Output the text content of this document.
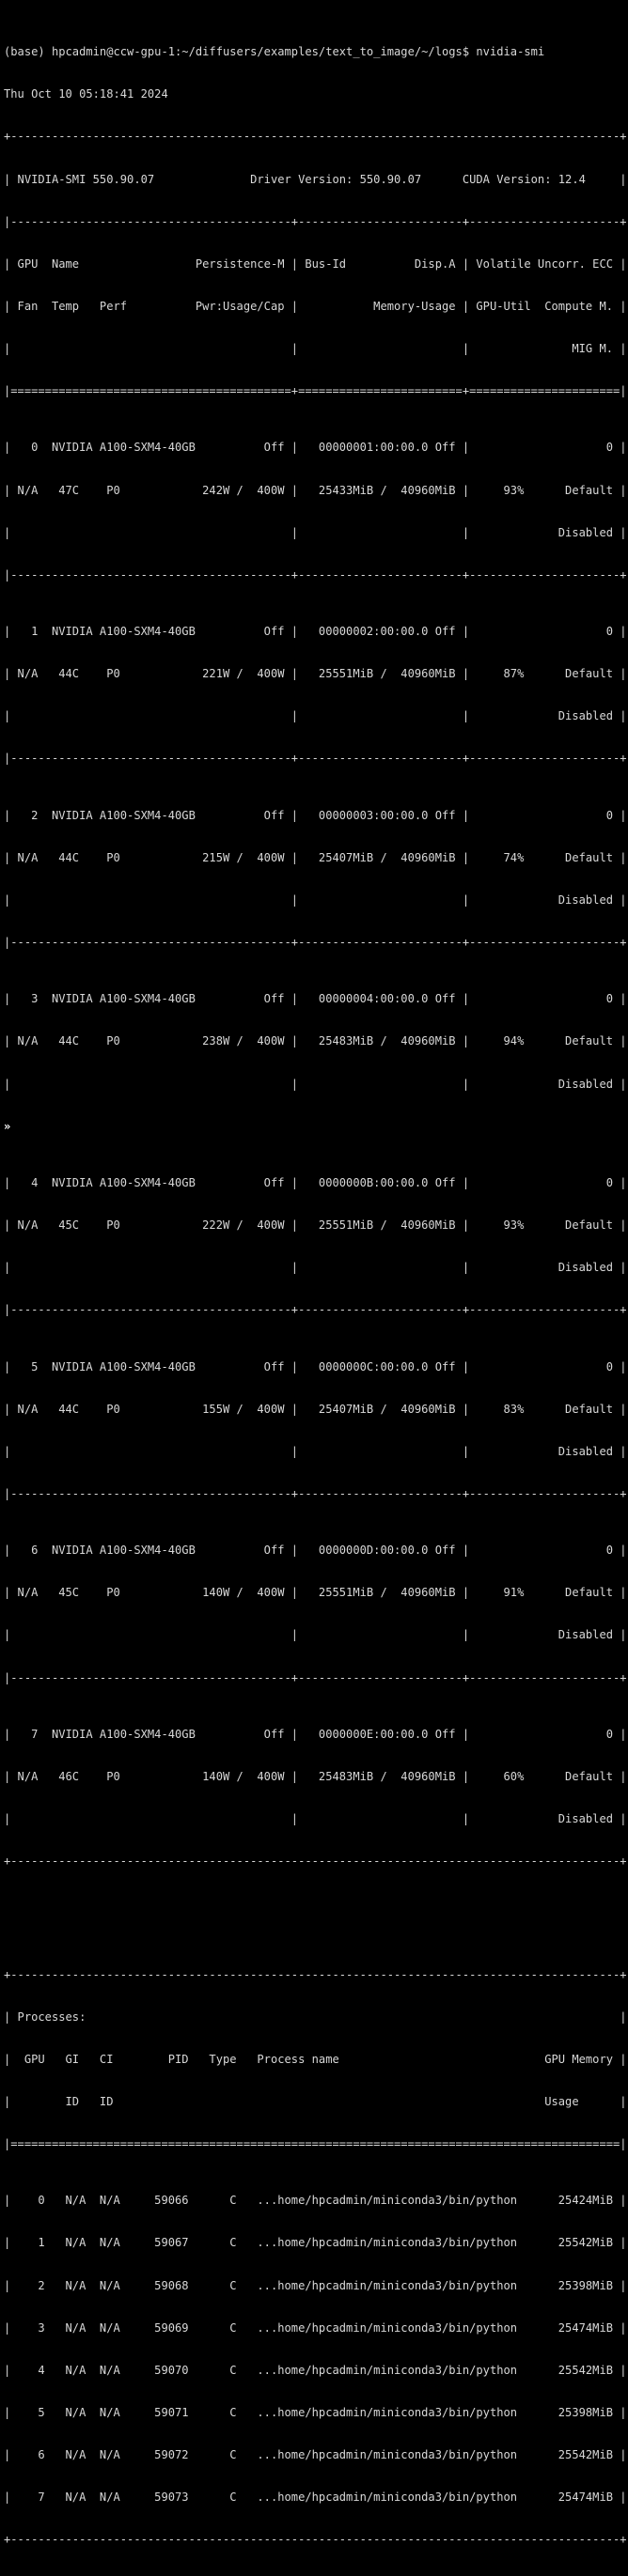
(base) hpcadmin@ccw-gpu-1:~/diffusers/examples/text_to_image/~/logs$ nvidia-smi

Thu Oct 10 05:18:41 2024

+-----------------------------------------------------------------------------------------+

| NVIDIA-SMI 550.90.07              Driver Version: 550.90.07      CUDA Version: 12.4     |

|-----------------------------------------+------------------------+----------------------+

| GPU  Name                 Persistence-M | Bus-Id          Disp.A | Volatile Uncorr. ECC |

| Fan  Temp   Perf          Pwr:Usage/Cap |           Memory-Usage | GPU-Util  Compute M. |

|                                         |                        |               MIG M. |

|=========================================+========================+======================|

|   0  NVIDIA A100-SXM4-40GB          Off |   00000001:00:00.0 Off |                    0 |

| N/A   47C    P0            242W /  400W |   25433MiB /  40960MiB |     93%      Default |

|                                         |                        |             Disabled |

|-----------------------------------------+------------------------+----------------------+

|   1  NVIDIA A100-SXM4-40GB          Off |   00000002:00:00.0 Off |                    0 |

| N/A   44C    P0            221W /  400W |   25551MiB /  40960MiB |     87%      Default |

|                                         |                        |             Disabled |

|-----------------------------------------+------------------------+----------------------+

|   2  NVIDIA A100-SXM4-40GB          Off |   00000003:00:00.0 Off |                    0 |

| N/A   44C    P0            215W /  400W |   25407MiB /  40960MiB |     74%      Default |

|                                         |                        |             Disabled |

|-----------------------------------------+------------------------+----------------------+

|   3  NVIDIA A100-SXM4-40GB          Off |   00000004:00:00.0 Off |                    0 |

| N/A   44C    P0            238W /  400W |   25483MiB /  40960MiB |     94%      Default |

|                                         |                        |             Disabled |

»

|   4  NVIDIA A100-SXM4-40GB          Off |   0000000B:00:00.0 Off |                    0 |

| N/A   45C    P0            222W /  400W |   25551MiB /  40960MiB |     93%      Default |

|                                         |                        |             Disabled |

|-----------------------------------------+------------------------+----------------------+

|   5  NVIDIA A100-SXM4-40GB          Off |   0000000C:00:00.0 Off |                    0 |

| N/A   44C    P0            155W /  400W |   25407MiB /  40960MiB |     83%      Default |

|                                         |                        |             Disabled |

|-----------------------------------------+------------------------+----------------------+

|   6  NVIDIA A100-SXM4-40GB          Off |   0000000D:00:00.0 Off |                    0 |

| N/A   45C    P0            140W /  400W |   25551MiB /  40960MiB |     91%      Default |

|                                         |                        |             Disabled |

|-----------------------------------------+------------------------+----------------------+

|   7  NVIDIA A100-SXM4-40GB          Off |   0000000E:00:00.0 Off |                    0 |

| N/A   46C    P0            140W /  400W |   25483MiB /  40960MiB |     60%      Default |

|                                         |                        |             Disabled |

+-----------------------------------------------------------------------------------------+

+-----------------------------------------------------------------------------------------+

| Processes:                                                                              |

|  GPU   GI   CI        PID   Type   Process name                              GPU Memory |

|        ID   ID                                                               Usage      |

|=========================================================================================|

|    0   N/A  N/A     59066      C   ...home/hpcadmin/miniconda3/bin/python      25424MiB |

|    1   N/A  N/A     59067      C   ...home/hpcadmin/miniconda3/bin/python      25542MiB |

|    2   N/A  N/A     59068      C   ...home/hpcadmin/miniconda3/bin/python      25398MiB |

|    3   N/A  N/A     59069      C   ...home/hpcadmin/miniconda3/bin/python      25474MiB |

|    4   N/A  N/A     59070      C   ...home/hpcadmin/miniconda3/bin/python      25542MiB |

|    5   N/A  N/A     59071      C   ...home/hpcadmin/miniconda3/bin/python      25398MiB |

|    6   N/A  N/A     59072      C   ...home/hpcadmin/miniconda3/bin/python      25542MiB |

|    7   N/A  N/A     59073      C   ...home/hpcadmin/miniconda3/bin/python      25474MiB |

+-----------------------------------------------------------------------------------------+
